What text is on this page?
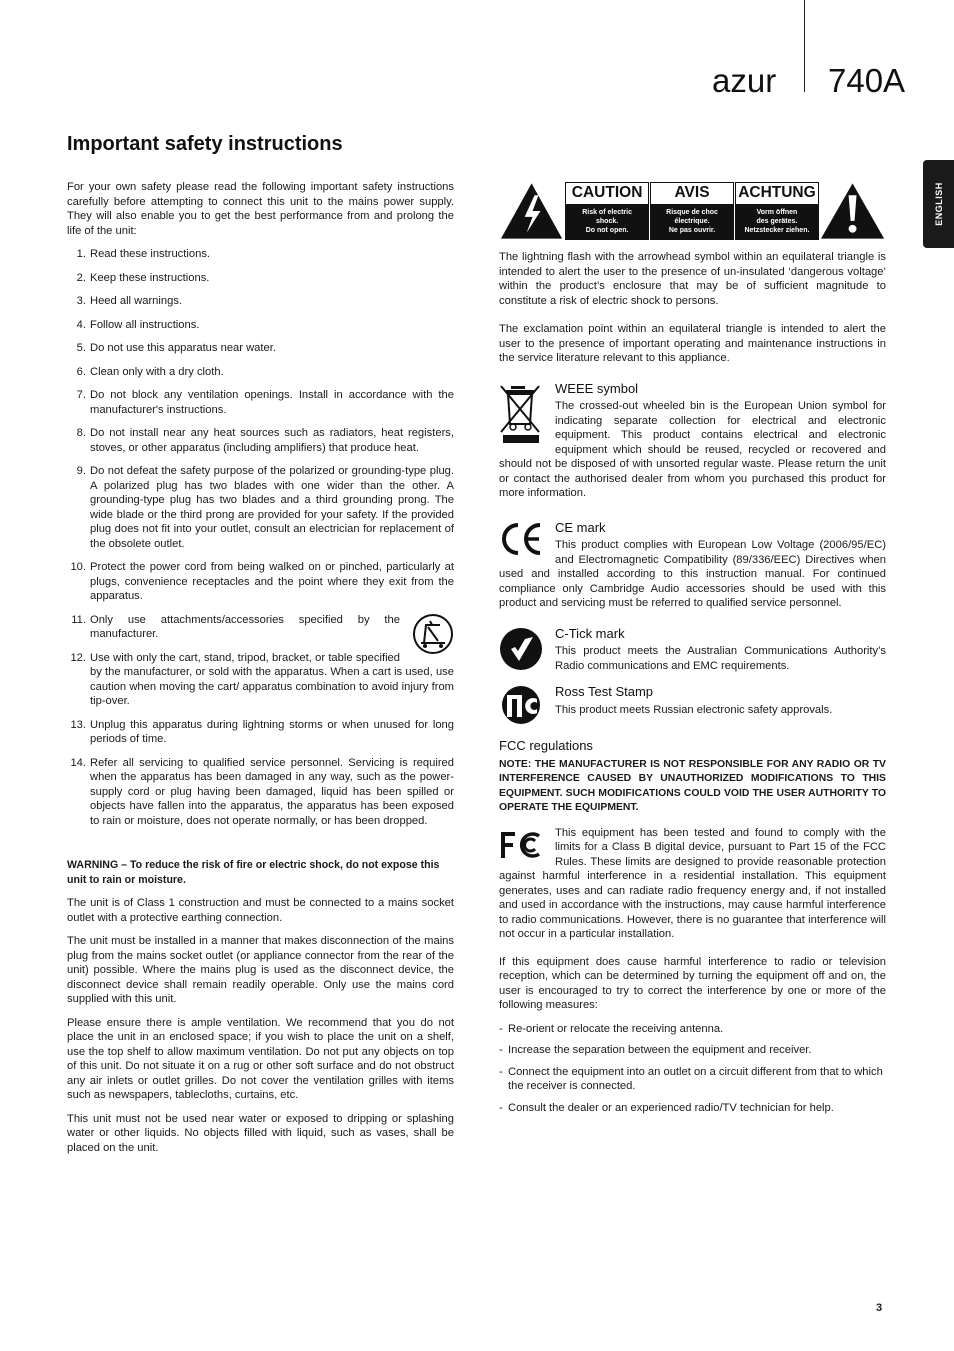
azur 740A
ENGLISH
Important safety instructions

For your own safety please read the following important safety instructions carefully before attempting to connect this unit to the mains power supply. They will also enable you to get the best performance from and prolong the life of the unit:

1. Read these instructions.
2. Keep these instructions.
3. Heed all warnings.
4. Follow all instructions.
5. Do not use this apparatus near water.
6. Clean only with a dry cloth.
7. Do not block any ventilation openings. Install in accordance with the manufacturer's instructions.
8. Do not install near any heat sources such as radiators, heat registers, stoves, or other apparatus (including amplifiers) that produce heat.
9. Do not defeat the safety purpose of the polarized or grounding-type plug. A polarized plug has two blades with one wider than the other. A grounding-type plug has two blades and a third grounding prong. The wide blade or the third prong are provided for your safety. If the provided plug does not fit into your outlet, consult an electrician for replacement of the obsolete outlet.
10. Protect the power cord from being walked on or pinched, particularly at plugs, convenience receptacles and the point where they exit from the apparatus.
11. Only use attachments/accessories specified by the manufacturer.
12. Use with only the cart, stand, tripod, bracket, or table specified by the manufacturer, or sold with the apparatus. When a cart is used, use caution when moving the cart/ apparatus combination to avoid injury from tip-over.
13. Unplug this apparatus during lightning storms or when unused for long periods of time.
14. Refer all servicing to qualified service personnel. Servicing is required when the apparatus has been damaged in any way, such as the power-supply cord or plug having been damaged, liquid has been spilled or objects have fallen into the apparatus, the apparatus has been exposed to rain or moisture, does not operate normally, or has been dropped.

WARNING – To reduce the risk of fire or electric shock, do not expose this unit to rain or moisture.

The unit is of Class 1 construction and must be connected to a mains socket outlet with a protective earthing connection.

The unit must be installed in a manner that makes disconnection of the mains plug from the mains socket outlet (or appliance connector from the rear of the unit) possible. Where the mains plug is used as the disconnect device, the disconnect device shall remain readily operable. Only use the mains cord supplied with this unit.

Please ensure there is ample ventilation. We recommend that you do not place the unit in an enclosed space; if you wish to place the unit on a shelf, use the top shelf to allow maximum ventilation. Do not put any objects on top of this unit. Do not situate it on a rug or other soft surface and do not obstruct any air inlets or outlet grilles. Do not cover the ventilation grilles with items such as newspapers, tablecloths, curtains, etc.

This unit must not be used near water or exposed to dripping or splashing water or other liquids. No objects filled with liquid, such as vases, shall be placed on the unit.

CAUTION
Risk of electric
shock.
Do not open.
AVIS
Risque de choc
électrique.
Ne pas ouvrir.
ACHTUNG
Vorm öffnen
des gerätes.
Netzstecker ziehen.

The lightning flash with the arrowhead symbol within an equilateral triangle is intended to alert the user to the presence of un-insulated ‘dangerous voltage’ within the product’s enclosure that may be of sufficient magnitude to constitute a risk of electric shock to persons.

The exclamation point within an equilateral triangle is intended to alert the user to the presence of important operating and maintenance instructions in the service literature relevant to this appliance.

WEEE symbol
The crossed-out wheeled bin is the European Union symbol for indicating separate collection for electrical and electronic equipment. This product contains electrical and electronic equipment which should be reused, recycled or recovered and should not be disposed of with unsorted regular waste. Please return the unit or contact the authorised dealer from whom you purchased this product for more information.
CE mark
This product complies with European Low Voltage (2006/95/EC) and Electromagnetic Compatibility (89/336/EEC) Directives when used and installed according to this instruction manual. For continued compliance only Cambridge Audio accessories should be used with this product and servicing must be referred to qualified service personnel.
C-Tick mark
This product meets the Australian Communications Authority’s Radio communications and EMC requirements.
Ross Test Stamp
This product meets Russian electronic safety approvals.
FCC regulations
NOTE: THE MANUFACTURER IS NOT RESPONSIBLE FOR ANY RADIO OR TV INTERFERENCE CAUSED BY UNAUTHORIZED MODIFICATIONS TO THIS EQUIPMENT. SUCH MODIFICATIONS COULD VOID THE USER AUTHORITY TO OPERATE THE EQUIPMENT.

This equipment has been tested and found to comply with the limits for a Class B digital device, pursuant to Part 15 of the FCC Rules. These limits are designed to provide reasonable protection against harmful interference in a residential installation. This equipment generates, uses and can radiate radio frequency energy and, if not installed and used in accordance with the instructions, may cause harmful interference to radio communications. However, there is no guarantee that interference will not occur in a particular installation.

If this equipment does cause harmful interference to radio or television reception, which can be determined by turning the equipment off and on, the user is encouraged to try to correct the interference by one or more of the following measures:

- Re-orient or relocate the receiving antenna.
- Increase the separation between the equipment and receiver.
- Connect the equipment into an outlet on a circuit different from that to which the receiver is connected.
- Consult the dealer or an experienced radio/TV technician for help.
3
